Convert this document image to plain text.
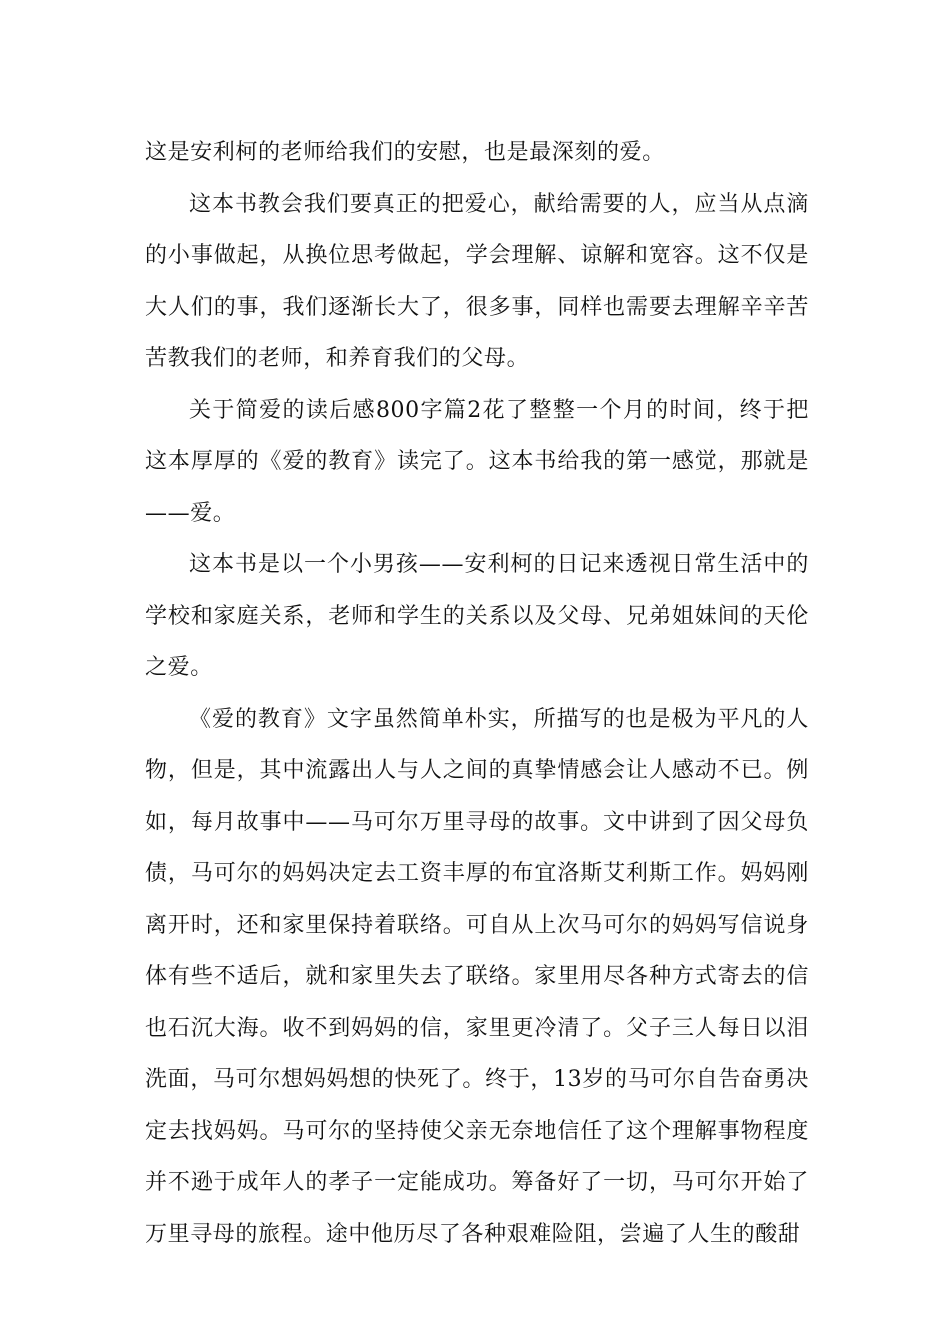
这是安利柯的老师给我们的安慰，也是最深刻的爱。

这本书教会我们要真正的把爱心，献给需要的人，应当从点滴的小事做起，从换位思考做起，学会理解、谅解和宽容。这不仅是大人们的事，我们逐渐长大了，很多事，同样也需要去理解辛辛苦苦教我们的老师，和养育我们的父母。

关于简爱的读后感800字篇2花了整整一个月的时间，终于把这本厚厚的《爱的教育》读完了。这本书给我的第一感觉，那就是——爱。

这本书是以一个小男孩——安利柯的日记来透视日常生活中的学校和家庭关系，老师和学生的关系以及父母、兄弟姐妹间的天伦之爱。

《爱的教育》文字虽然简单朴实，所描写的也是极为平凡的人物，但是，其中流露出人与人之间的真挚情感会让人感动不已。例如，每月故事中——马可尔万里寻母的故事。文中讲到了因父母负债，马可尔的妈妈决定去工资丰厚的布宜洛斯艾利斯工作。妈妈刚离开时，还和家里保持着联络。可自从上次马可尔的妈妈写信说身体有些不适后，就和家里失去了联络。家里用尽各种方式寄去的信也石沉大海。收不到妈妈的信，家里更冷清了。父子三人每日以泪洗面，马可尔想妈妈想的快死了。终于，13岁的马可尔自告奋勇决定去找妈妈。马可尔的坚持使父亲无奈地信任了这个理解事物程度并不逊于成年人的孝子一定能成功。筹备好了一切，马可尔开始了万里寻母的旅程。途中他历尽了各种艰难险阻，尝遍了人生的酸甜
